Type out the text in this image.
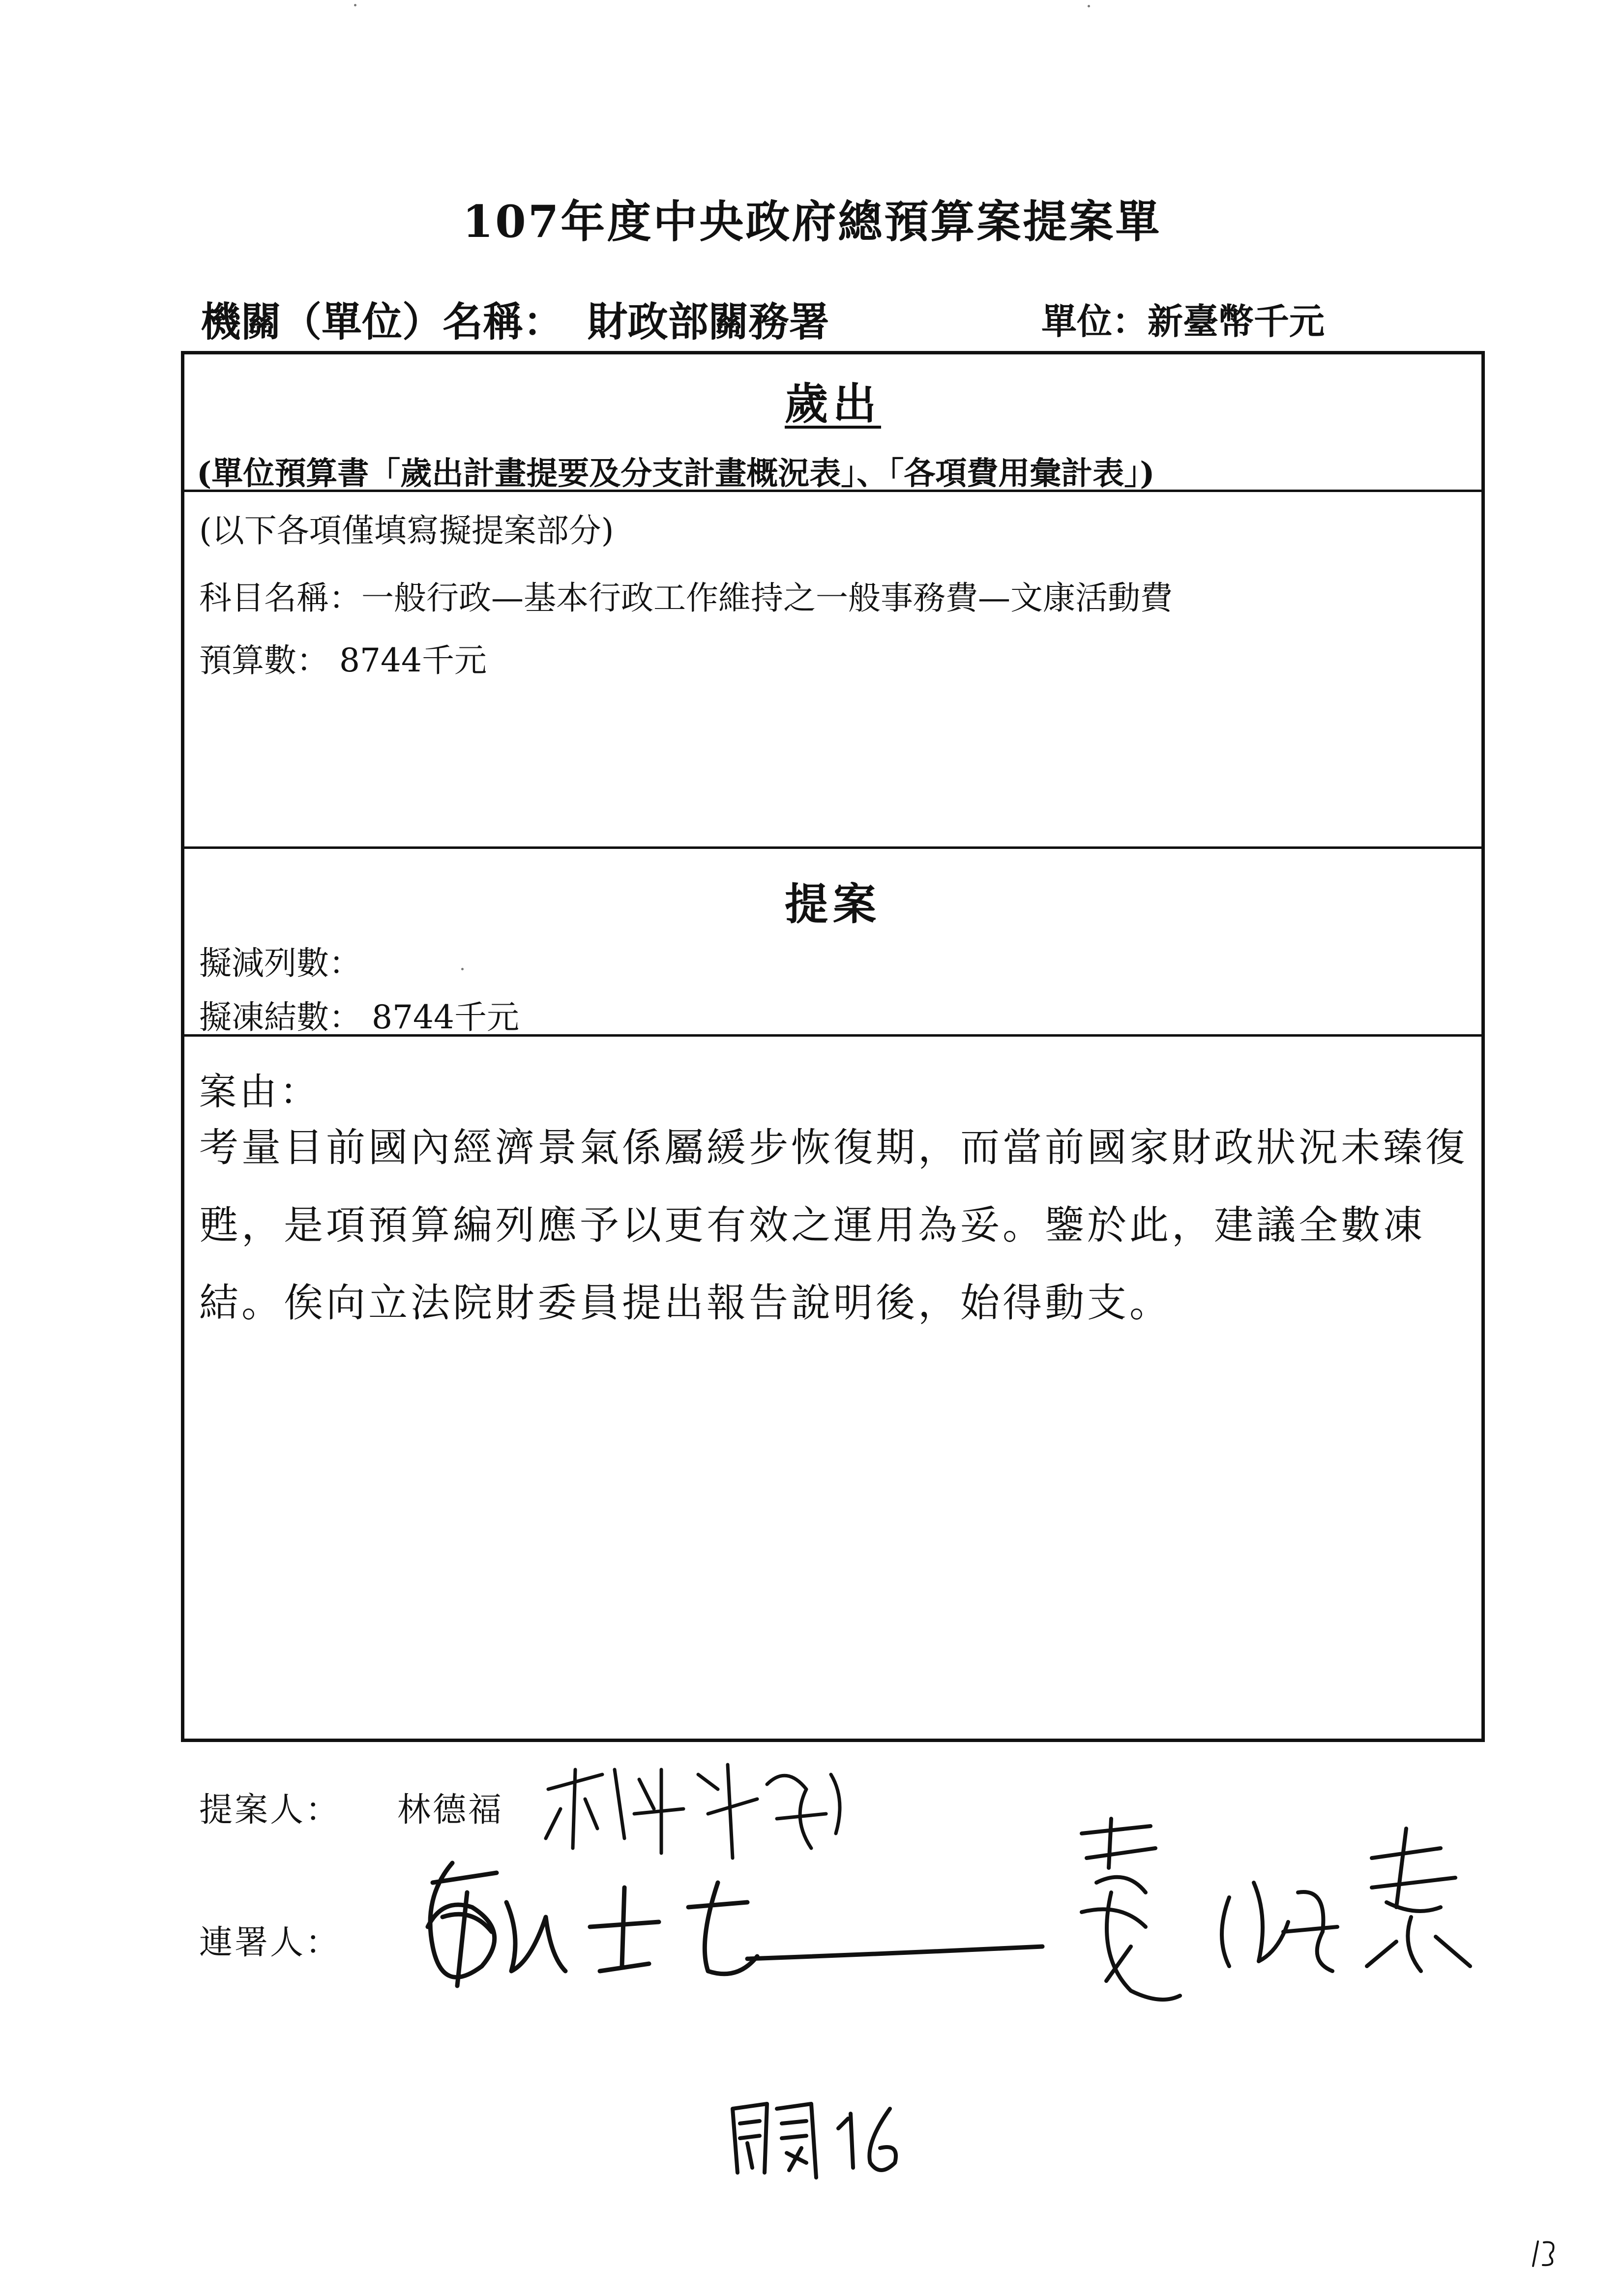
107年度中央政府總預算案提案單
機關（單位）名稱： 財政部關務署	單位：新臺幣千元
歲出
(單位預算書「歲出計畫提要及分支計畫概況表」、「各項費用彙計表」)
(以下各項僅填寫擬提案部分)
科目名稱：一般行政—基本行政工作維持之一般事務費—文康活動費
預算數： 8744千元
提案
擬減列數：
擬凍結數： 8744千元
案由：
考量目前國內經濟景氣係屬緩步恢復期，而當前國家財政狀況未臻復甦，是項預算編列應予以更有效之運用為妥。鑒於此，建議全數凍結。俟向立法院財委員提出報告說明後，始得動支。
提案人： 林德福
連署人：
